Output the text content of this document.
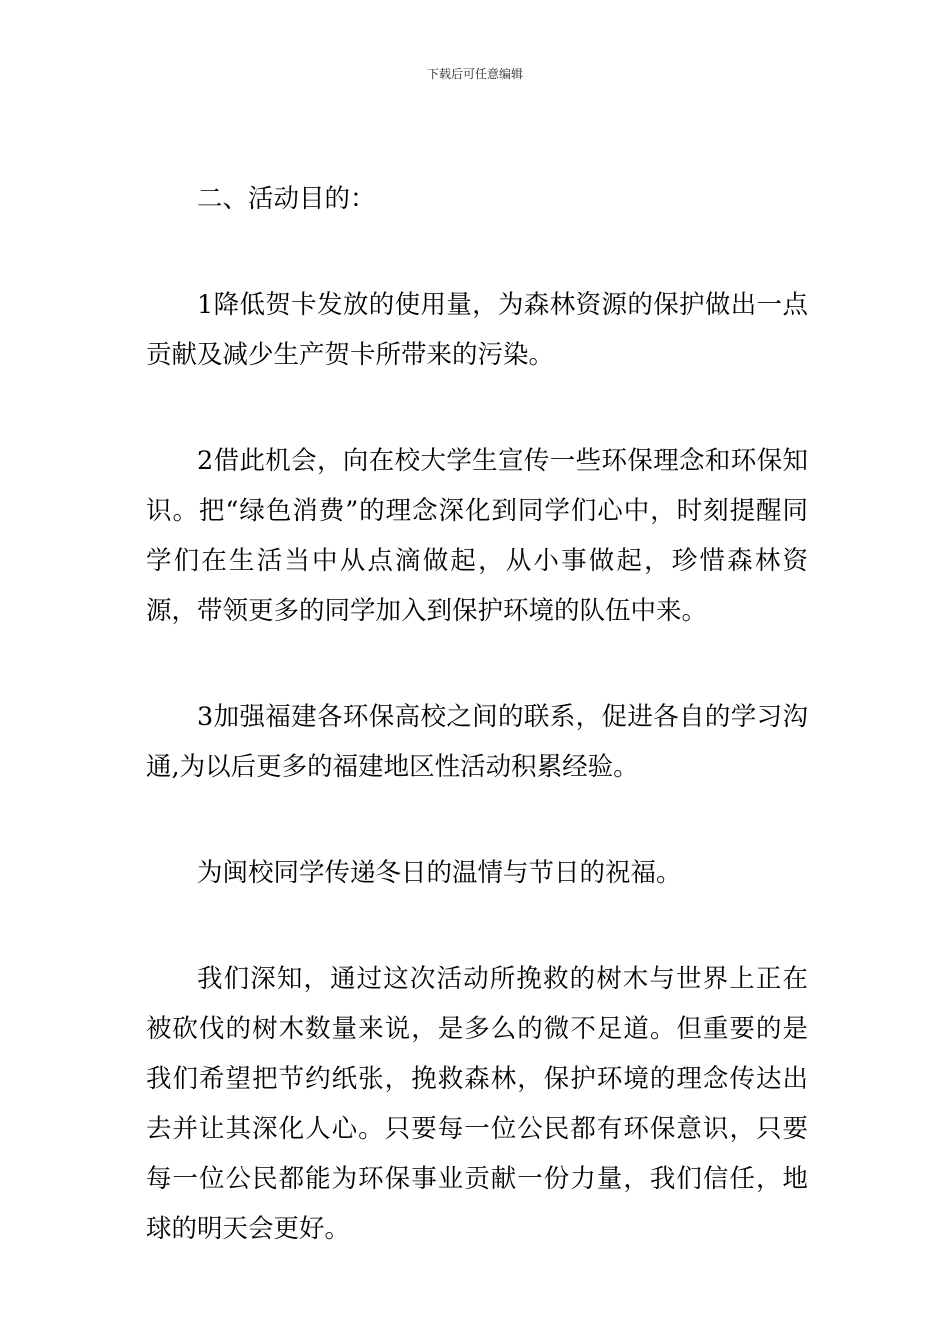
下载后可任意编辑

二、活动目的：

1降低贺卡发放的使用量，为森林资源的保护做出一点贡献及减少生产贺卡所带来的污染。

2借此机会，向在校大学生宣传一些环保理念和环保知识。把“绿色消费”的理念深化到同学们心中，时刻提醒同学们在生活当中从点滴做起，从小事做起，珍惜森林资源，带领更多的同学加入到保护环境的队伍中来。

3加强福建各环保高校之间的联系，促进各自的学习沟通,为以后更多的福建地区性活动积累经验。

为闽校同学传递冬日的温情与节日的祝福。

我们深知，通过这次活动所挽救的树木与世界上正在被砍伐的树木数量来说，是多么的微不足道。但重要的是我们希望把节约纸张，挽救森林，保护环境的理念传达出去并让其深化人心。只要每一位公民都有环保意识，只要每一位公民都能为环保事业贡献一份力量，我们信任，地球的明天会更好。
